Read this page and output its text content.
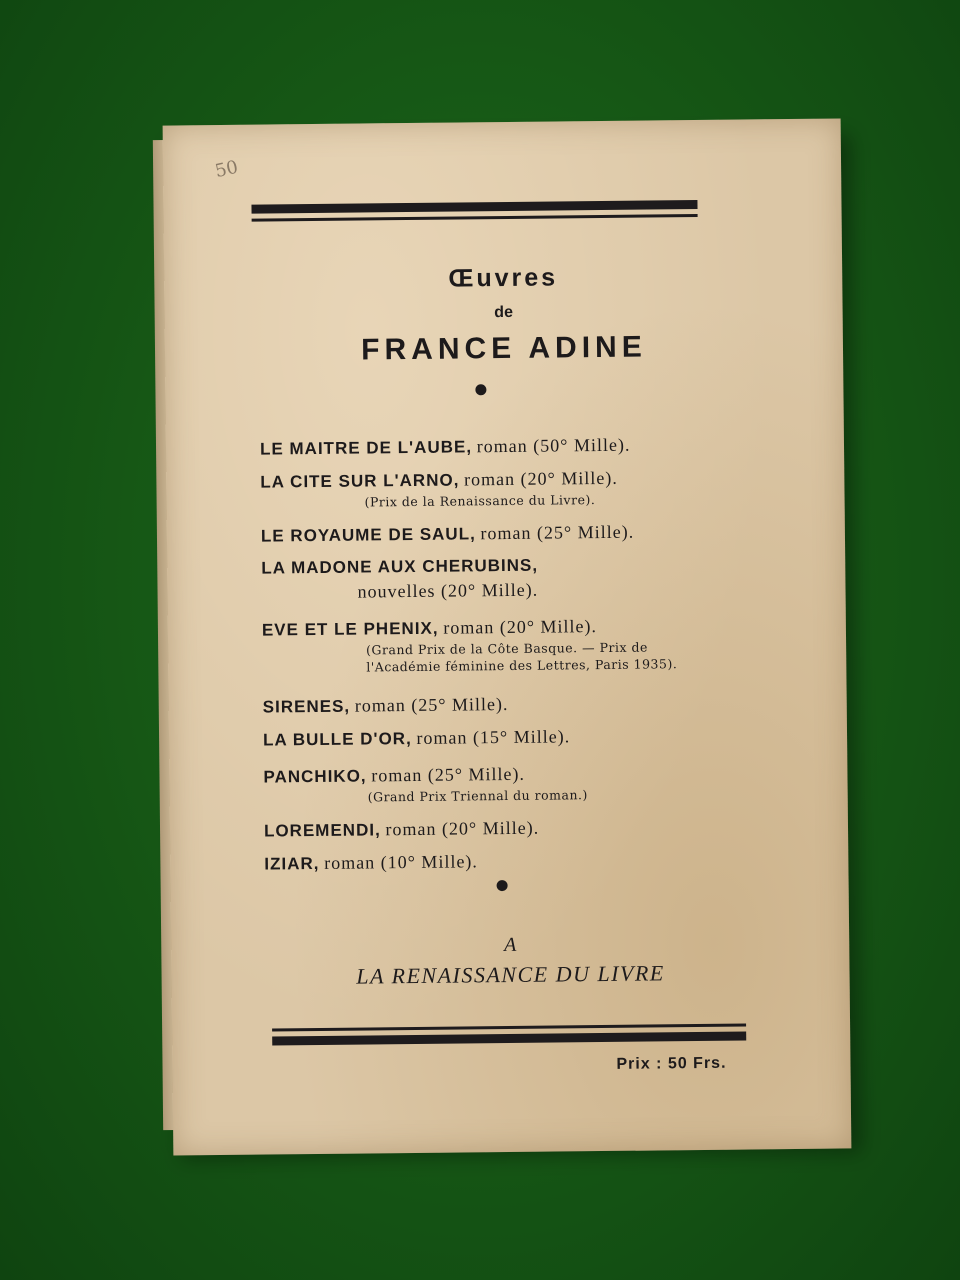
50
Œuvres
de
FRANCE ADINE
LE MAITRE DE L'AUBE, roman (50° Mille).
LA CITE SUR L'ARNO, roman (20° Mille).
(Prix de la Renaissance du Livre).
LE ROYAUME DE SAUL, roman (25° Mille).
LA MADONE AUX CHERUBINS,
nouvelles (20° Mille).
EVE ET LE PHENIX, roman (20° Mille).
(Grand Prix de la Côte Basque. — Prix de
l'Académie féminine des Lettres, Paris 1935).
SIRENES, roman (25° Mille).
LA BULLE D'OR, roman (15° Mille).
PANCHIKO, roman (25° Mille).
(Grand Prix Triennal du roman.)
LOREMENDI, roman (20° Mille).
IZIAR, roman (10° Mille).
A
LA RENAISSANCE DU LIVRE
Prix : 50 Frs.
